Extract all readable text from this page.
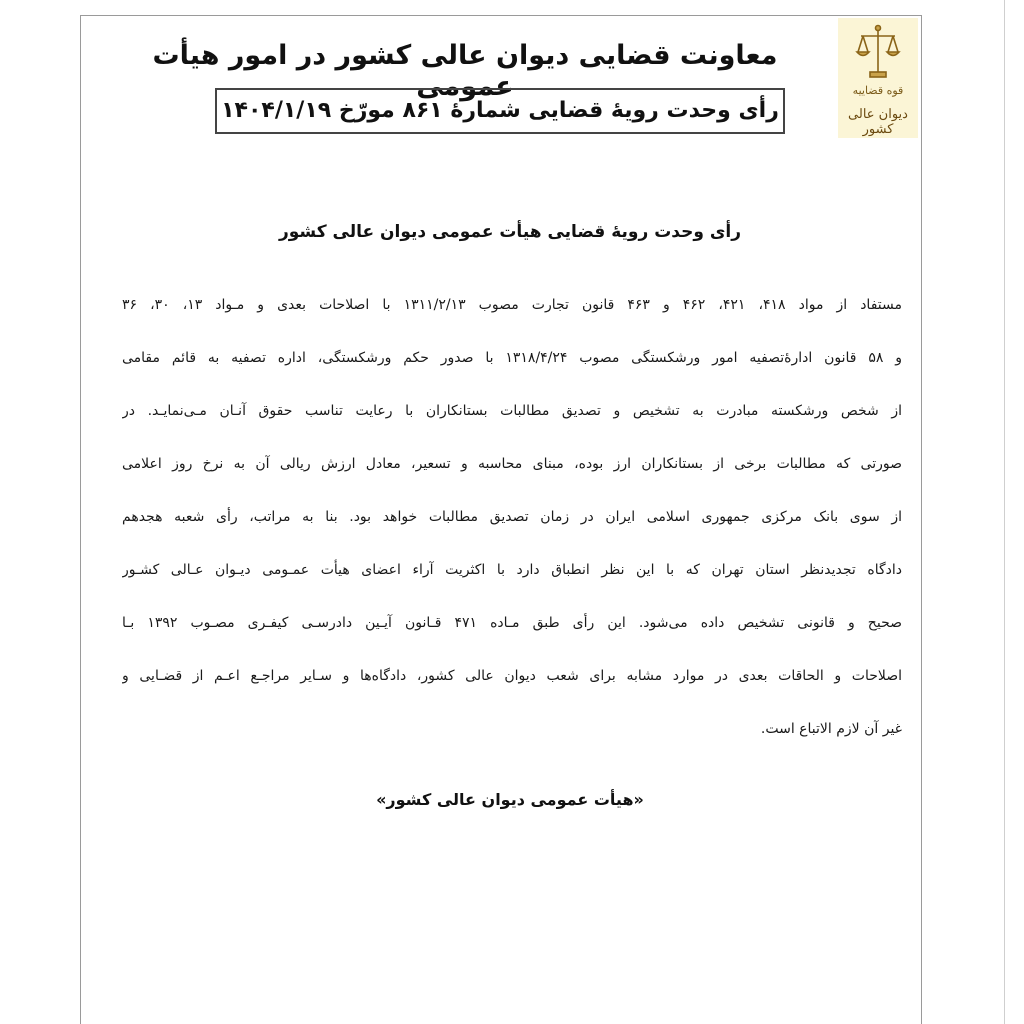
قوه قضاییه
دیوان عالی کشور
معاونت قضایی دیوان عالی کشور در امور هیأت عمومی
رأی وحدت رویۀ قضایی شمارۀ ۸۶۱ مورّخ ۱۴۰۴/۱/۱۹
رأی وحدت رویۀ قضایی هیأت عمومی دیوان عالی کشور
مستفاد از مواد ۴۱۸، ۴۲۱، ۴۶۲ و ۴۶۳ قانون تجارت مصوب ۱۳۱۱/۲/۱۳ با اصلاحات بعدی و مـواد ۱۳، ۳۰، ۳۶
و ۵۸ قانون ادارۀتصفیه امور ورشکستگی مصوب ۱۳۱۸/۴/۲۴ با صدور حکم ورشکستگی، اداره تصفیه به قائم مقامی
از شخص ورشکسته مبادرت به تشخیص و تصدیق مطالبات بستانکاران با رعایت تناسب حقوق آنـان مـی‌نمایـد. در
صورتی که مطالبات برخی از بستانکاران ارز بوده، مبنای محاسبه و تسعیر، معادل ارزش ریالی آن به نرخ روز اعلامی
از سوی بانک مرکزی جمهوری اسلامی ایران در زمان تصدیق مطالبات خواهد بود. بنا به مراتب، رأی شعبه هجدهم
دادگاه تجدیدنظر استان تهران که با این نظر انطباق دارد با اکثریت آراء اعضای هیأت عمـومی دیـوان عـالی کشـور
صحیح و قانونی تشخیص داده می‌شود. این رأی طبق مـاده ۴۷۱ قـانون آیـین دادرسـی کیفـری مصـوب ۱۳۹۲ بـا
اصلاحات و الحاقات بعدی در موارد مشابه برای شعب دیوان عالی کشور، دادگاه‌ها و سـایر مراجـع اعـم از قضـایی و
غیر آن لازم الاتباع است.
«هیأت عمومی دیوان عالی کشور»
